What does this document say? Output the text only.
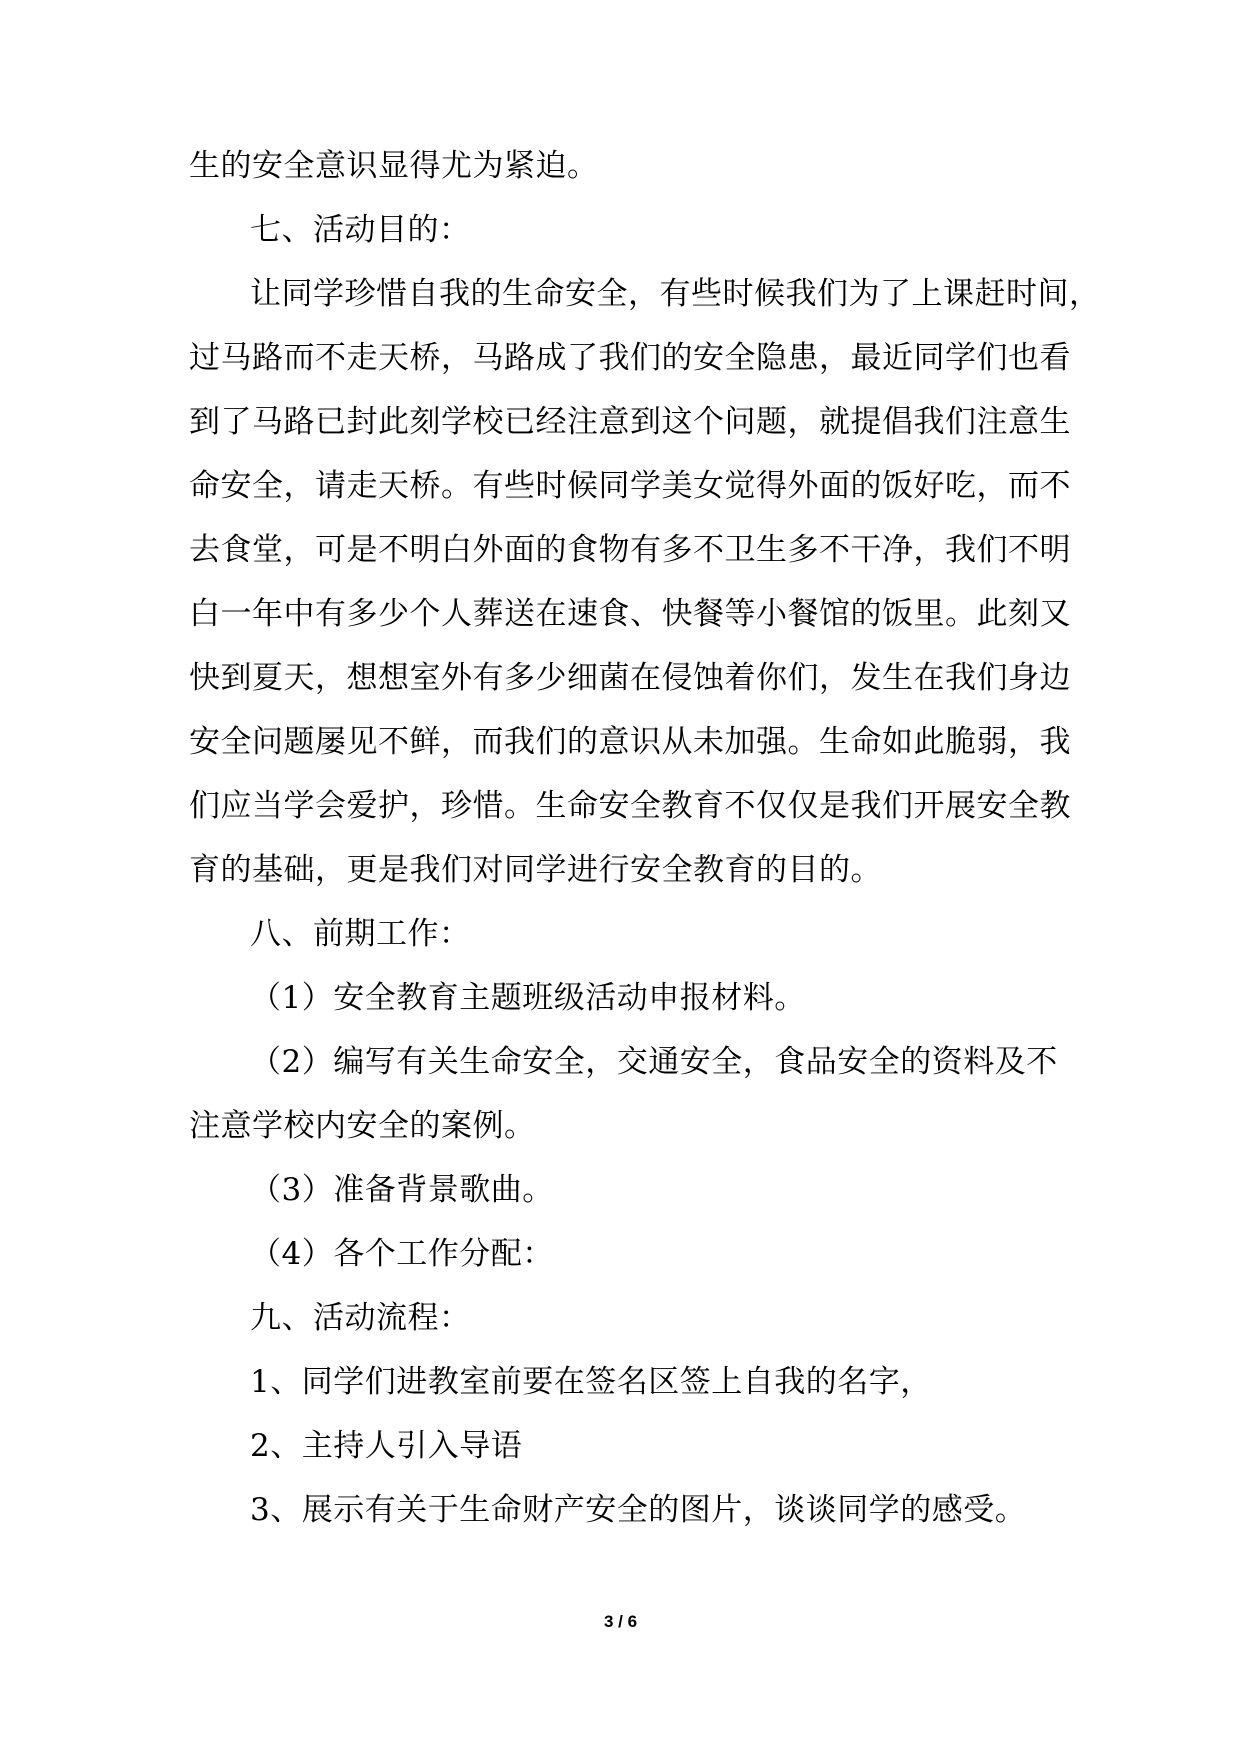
生的安全意识显得尤为紧迫。
七、活动目的：
让同学珍惜自我的生命安全，有些时候我们为了上课赶时间，
过马路而不走天桥，马路成了我们的安全隐患，最近同学们也看
到了马路已封此刻学校已经注意到这个问题，就提倡我们注意生
命安全，请走天桥。有些时候同学美女觉得外面的饭好吃，而不
去食堂，可是不明白外面的食物有多不卫生多不干净，我们不明
白一年中有多少个人葬送在速食、快餐等小餐馆的饭里。此刻又
快到夏天，想想室外有多少细菌在侵蚀着你们，发生在我们身边
安全问题屡见不鲜，而我们的意识从未加强。生命如此脆弱，我
们应当学会爱护，珍惜。生命安全教育不仅仅是我们开展安全教
育的基础，更是我们对同学进行安全教育的目的。
八、前期工作：
（1）安全教育主题班级活动申报材料。
（2）编写有关生命安全，交通安全，食品安全的资料及不
注意学校内安全的案例。
（3）准备背景歌曲。
（4）各个工作分配：
九、活动流程：
1、同学们进教室前要在签名区签上自我的名字，
2、主持人引入导语
3、展示有关于生命财产安全的图片，谈谈同学的感受。
3 / 6
